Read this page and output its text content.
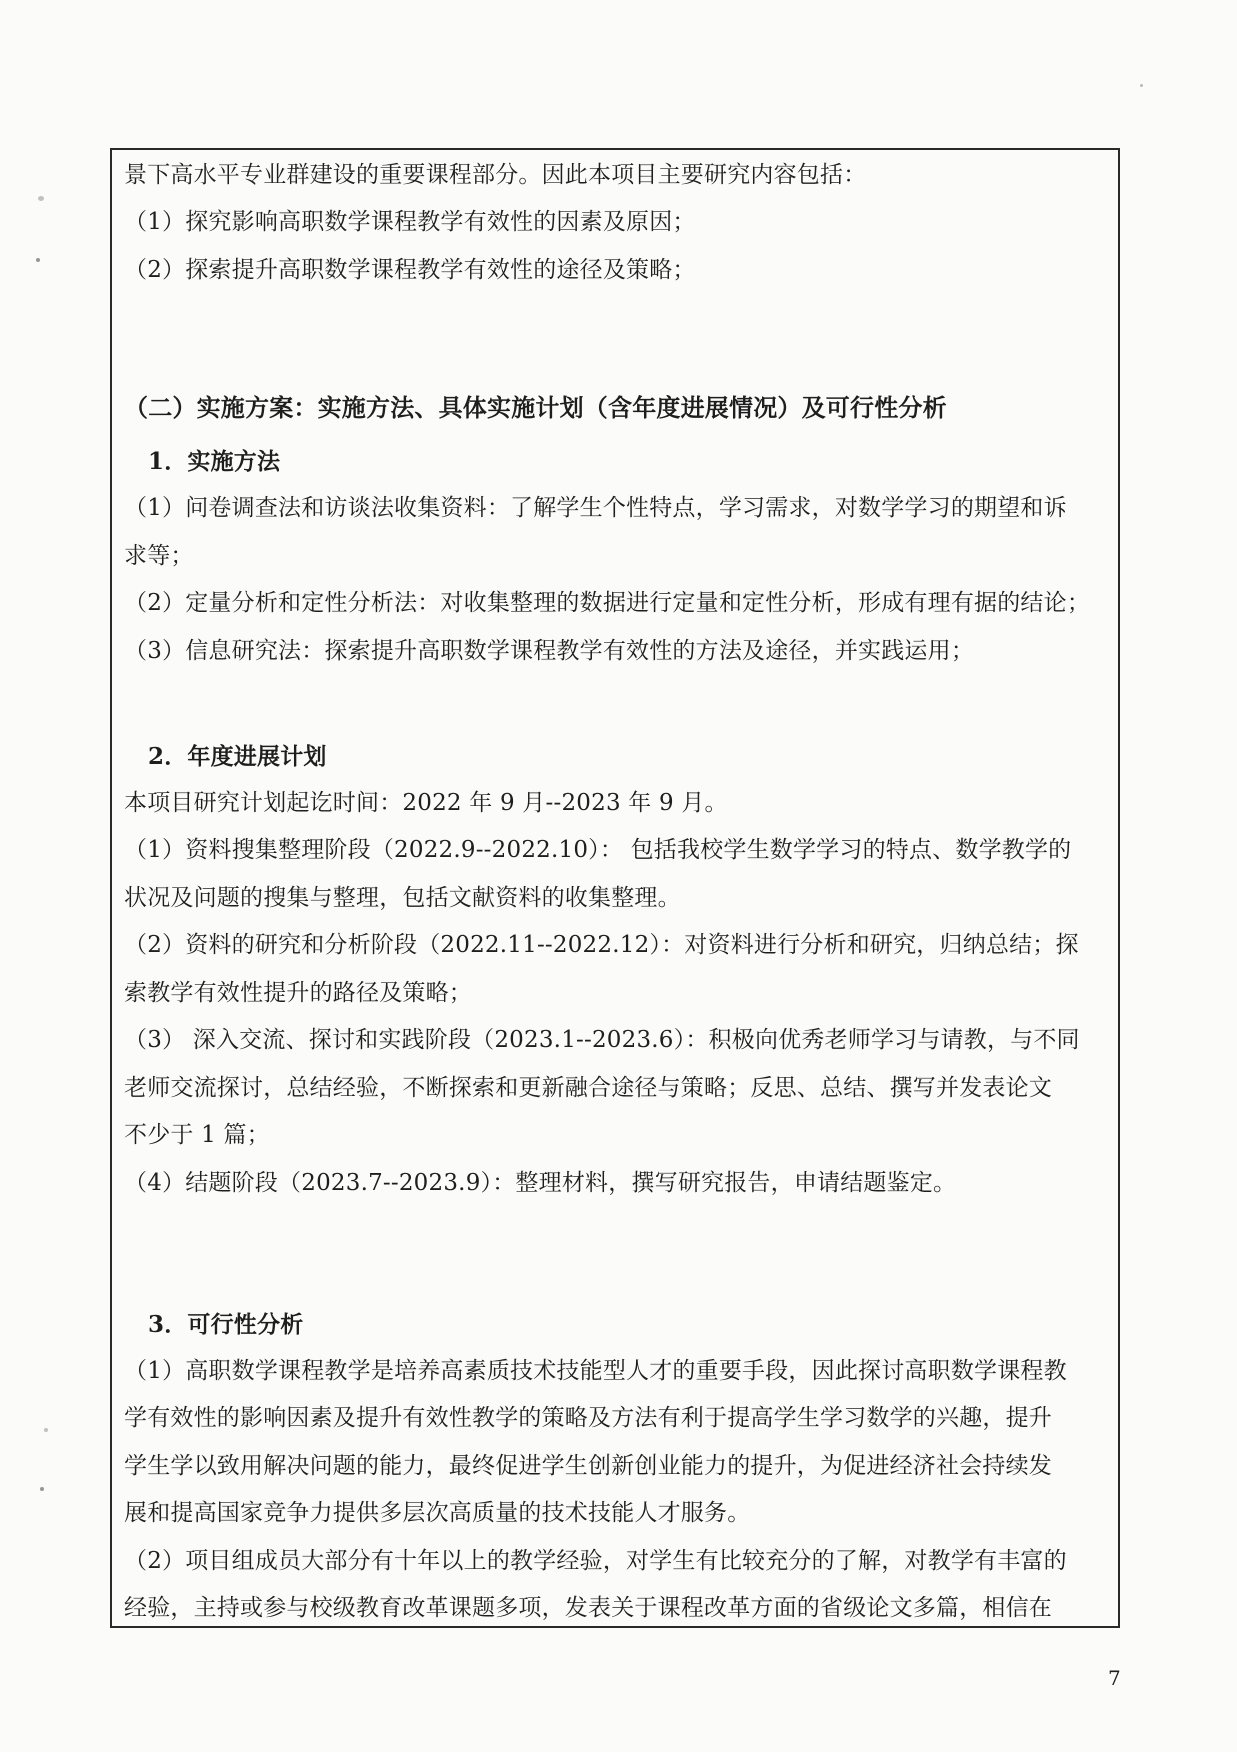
景下高水平专业群建设的重要课程部分。因此本项目主要研究内容包括：
（1）探究影响高职数学课程教学有效性的因素及原因；
（2）探索提升高职数学课程教学有效性的途径及策略；
（二）实施方案：实施方法、具体实施计划（含年度进展情况）及可行性分析
1．实施方法
（1）问卷调查法和访谈法收集资料：了解学生个性特点，学习需求，对数学学习的期望和诉
求等；
（2）定量分析和定性分析法：对收集整理的数据进行定量和定性分析，形成有理有据的结论；
（3）信息研究法：探索提升高职数学课程教学有效性的方法及途径，并实践运用；
2．年度进展计划
本项目研究计划起讫时间：2022 年 9 月--2023 年 9 月。
（1）资料搜集整理阶段（2022.9--2022.10）： 包括我校学生数学学习的特点、数学教学的
状况及问题的搜集与整理，包括文献资料的收集整理。
（2）资料的研究和分析阶段（2022.11--2022.12）：对资料进行分析和研究，归纳总结；探
索教学有效性提升的路径及策略；
（3） 深入交流、探讨和实践阶段（2023.1--2023.6）：积极向优秀老师学习与请教，与不同
老师交流探讨，总结经验，不断探索和更新融合途径与策略；反思、总结、撰写并发表论文
不少于 1 篇；
（4）结题阶段（2023.7--2023.9）：整理材料，撰写研究报告，申请结题鉴定。
3．可行性分析
（1）高职数学课程教学是培养高素质技术技能型人才的重要手段，因此探讨高职数学课程教
学有效性的影响因素及提升有效性教学的策略及方法有利于提高学生学习数学的兴趣，提升
学生学以致用解决问题的能力，最终促进学生创新创业能力的提升，为促进经济社会持续发
展和提高国家竞争力提供多层次高质量的技术技能人才服务。
（2）项目组成员大部分有十年以上的教学经验，对学生有比较充分的了解，对教学有丰富的
经验，主持或参与校级教育改革课题多项，发表关于课程改革方面的省级论文多篇，相信在
7
